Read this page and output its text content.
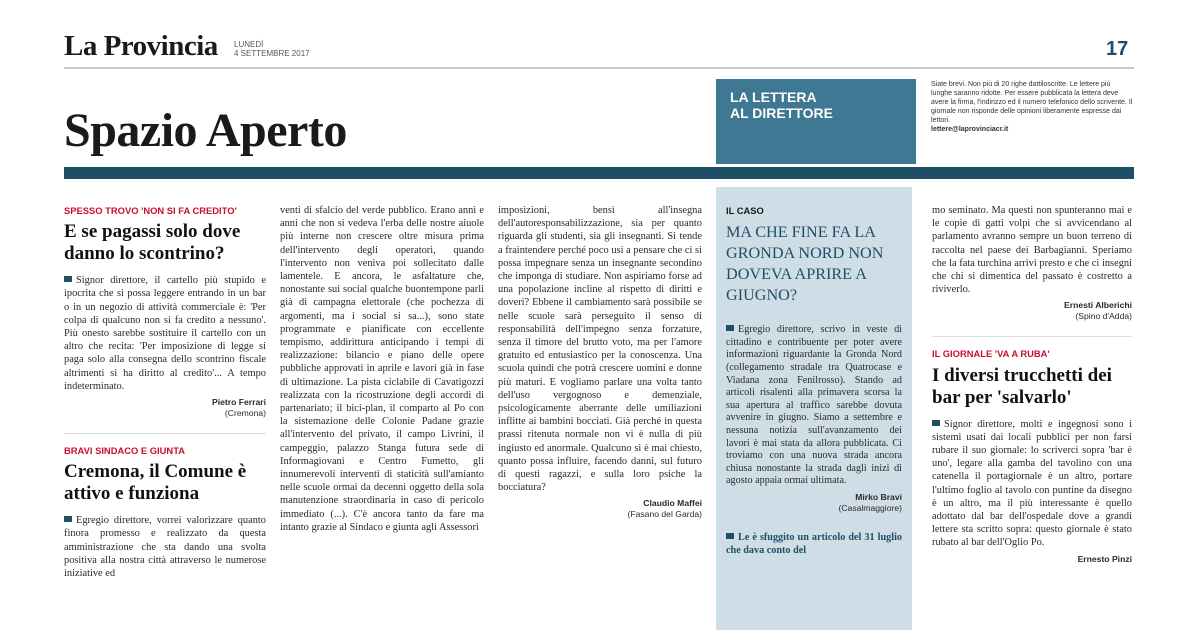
La Provincia LUNEDÌ
4 SETTEMBRE 2017	17
Spazio Aperto
LA LETTERA
AL DIRETTORE
Siate brevi. Non più di 20 righe dattiloscritte. Le lettere più lunghe saranno ridotte. Per essere pubblicata la lettera deve avere la firma, l'indirizzo ed il numero telefonico dello scrivente. Il giornale non risponde delle opinioni liberamente espresse dai lettori.
lettere@laprovinciacr.it
SPESSO TROVO 'NON SI FA CREDITO'
E se pagassi solo dove danno lo scontrino?

Signor direttore, il cartello più stupido e ipocrita che si possa leggere entrando in un bar o in un negozio di attività commerciale è: 'Per colpa di qualcuno non si fa credito a nessuno'. Più onesto sarebbe sostituire il cartello con un altro che recita: 'Per imposizione di legge si paga solo alla consegna dello scontrino fiscale altrimenti si ha diritto al credito'... A tempo indeterminato.

Pietro Ferrari
(Cremona)
BRAVI SINDACO E GIUNTA
Cremona, il Comune è attivo e funziona

Egregio direttore, vorrei valorizzare quanto finora promesso e realizzato da questa amministrazione che sta dando una svolta positiva alla nostra città attraverso le numerose iniziative ed

venti di sfalcio del verde pubblico. Erano anni e anni che non si vedeva l'erba delle nostre aiuole più interne non crescere oltre misura prima dell'intervento degli operatori, quando l'intervento non veniva poi sollecitato dalle lamentele. E ancora, le asfaltature che, nonostante sui social qualche buontempone parli già di campagna elettorale (che pochezza di argomenti, ma i social si sa...), sono state programmate e pianificate con eccellente tempismo, addirittura anticipando i tempi di realizzazione: bilancio e piano delle opere pubbliche approvati in aprile e lavori già in fase di ultimazione. La pista ciclabile di Cavatigozzi realizzata con la ricostruzione degli accordi di partenariato; il bici-plan, il comparto al Po con la sistemazione delle Colonie Padane grazie all'intervento del privato, il campo Livrini, il campeggio, palazzo Stanga futura sede di Informagiovani e Centro Fumetto, gli innumerevoli interventi di staticità sull'amianto nelle scuole ormai da decenni oggetto della sola manutenzione straordinaria in caso di pericolo immediato (...). C'è ancora tanto da fare ma intanto grazie al Sindaco e giunta agli Assessori

imposizioni, bensì all'insegna dell'autoresponsabilizzazione, sia per quanto riguarda gli studenti, sia gli insegnanti. Si tende a fraintendere perché poco usi a pensare che ci si possa impegnare senza un insegnante secondino che imponga di studiare. Non aspiriamo forse ad una popolazione incline al rispetto di diritti e doveri? Ebbene il cambiamento sarà possibile se nelle scuole sarà perseguito il senso di responsabilità dell'impegno senza forzature, senza il timore del brutto voto, ma per l'amore gratuito ed entusiastico per la conoscenza. Una scuola quindi che potrà crescere uomini e donne più maturi. E vogliamo parlare una volta tanto dell'uso vergognoso e demenziale, psicologicamente aberrante delle umiliazioni inflitte ai bambini bocciati. Già perché in questa prassi ritenuta normale non vi è nulla di più ingiusto ed anormale. Qualcuno si è mai chiesto, quanto possa influire, facendo danni, sul futuro di questi ragazzi, e sulla loro psiche la bocciatura?

Claudio Maffei
(Fasano del Garda)
IL CASO
MA CHE FINE FA LA GRONDA NORD NON DOVEVA APRIRE A GIUGNO?

Egregio direttore, scrivo in veste di cittadino e contribuente per poter avere informazioni riguardante la Gronda Nord (collegamento stradale tra Quatrocase e Viadana zona Fenilrosso). Stando ad articoli risalenti alla primavera scorsa la sua apertura al traffico sarebbe dovuta avvenire in giugno. Siamo a settembre e nessuna notizia sull'avanzamento dei lavori è mai stata da allora pubblicata. Ci troviamo con una nuova strada ancora chiusa nonostante la strada dagli inizi di agosto appaia ormai ultimata.

Mirko Bravi
(Casalmaggiore)
Le è sfuggito un articolo del 31 luglio che dava conto del

mo seminato. Ma questi non spunteranno mai e le copie di gatti volpi che si avvicendano al parlamento avranno sempre un buon terreno di raccolta nel paese dei Barbagianni. Speriamo che la fata turchina arrivi presto e che ci insegni che chi si dimentica del passato è costretto a riviverlo.

Ernesti Alberichi
(Spino d'Adda)
IL GIORNALE 'VA A RUBA'
I diversi trucchetti dei bar per 'salvarlo'

Signor direttore, molti e ingegnosi sono i sistemi usati dai locali pubblici per non farsi rubare il suo giornale: lo scriverci sopra 'bar è uno', legare alla gamba del tavolino con una catenella il portagiornale è un altro, portare l'ultimo foglio al tavolo con puntine da disegno è un altro, ma il più interessante è quello adottato dal bar dell'ospedale dove a grandi lettere sta scritto sopra: questo giornale è stato rubato al bar dell'Oglio Po.

Ernesto Pinzi
